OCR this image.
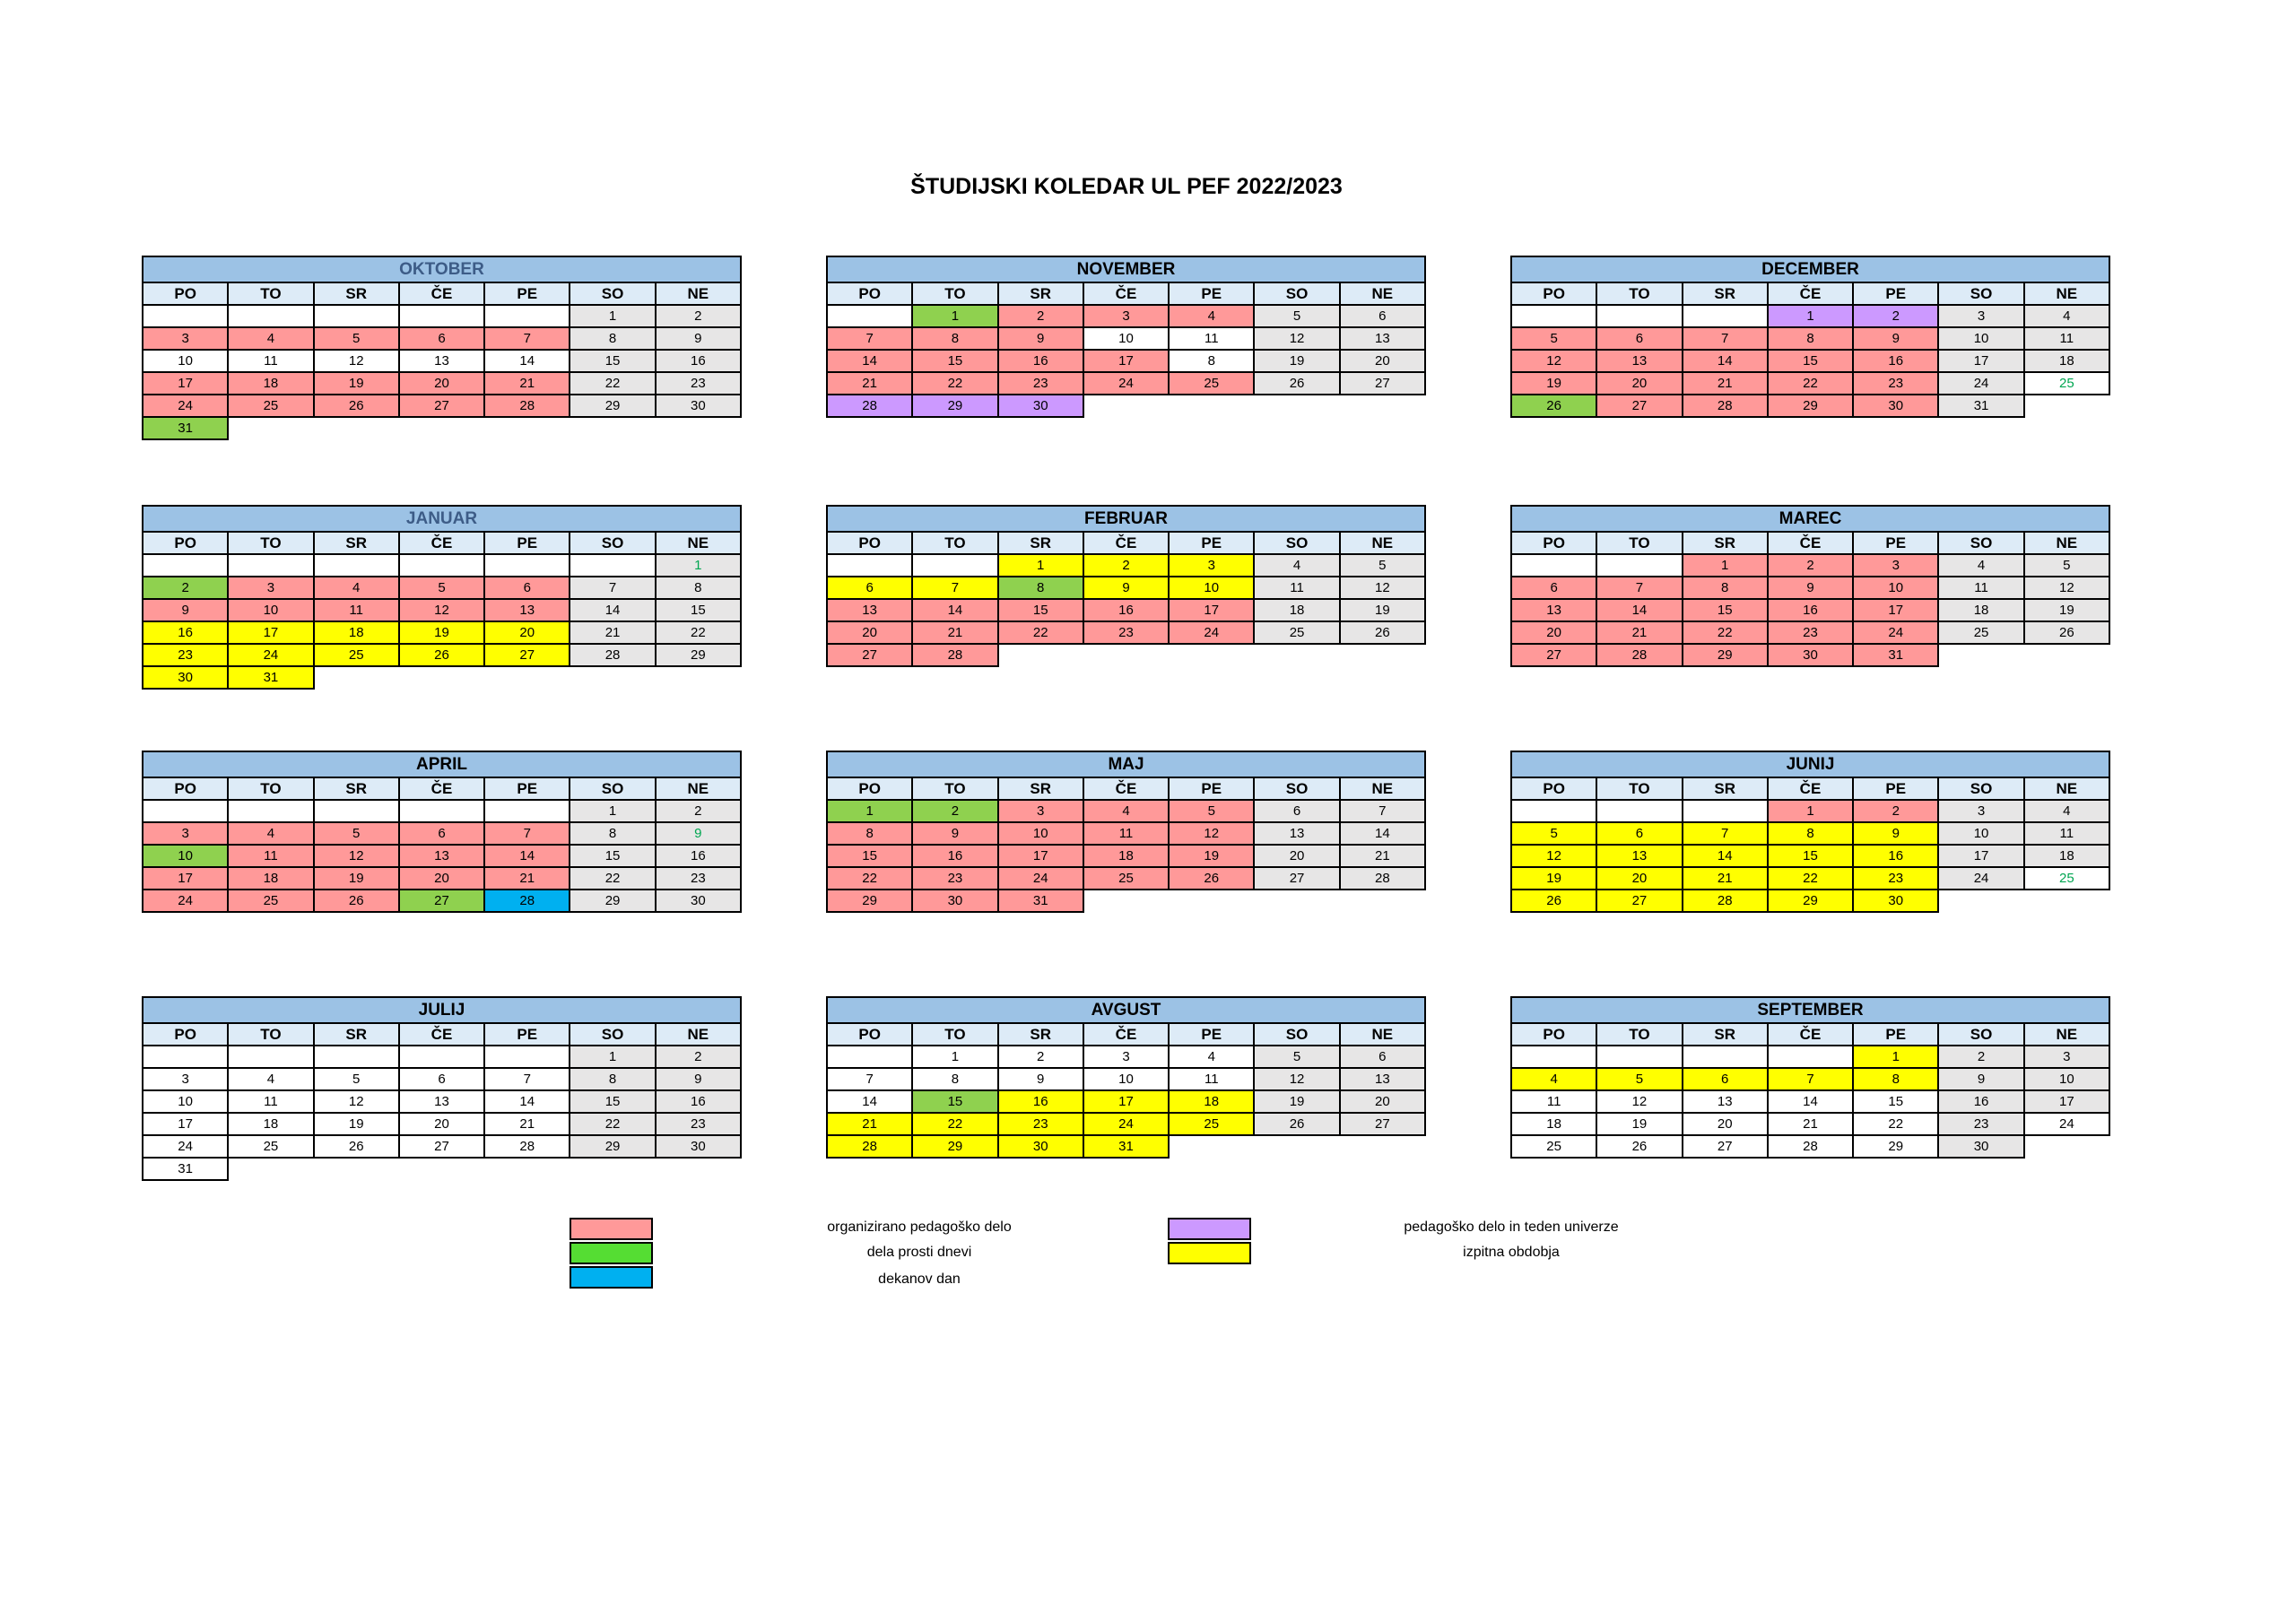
ŠTUDIJSKI KOLEDAR UL PEF 2022/2023
OKTOBER						
PO	TO	SR	ČE	PE	SO	NE
					1	2
3	4	5	6	7	8	9
10	11	12	13	14	15	16
17	18	19	20	21	22	23
24	25	26	27	28	29	30
31						
NOVEMBER						
PO	TO	SR	ČE	PE	SO	NE
	1	2	3	4	5	6
7	8	9	10	11	12	13
14	15	16	17	8	19	20
21	22	23	24	25	26	27
28	29	30				
DECEMBER						
PO	TO	SR	ČE	PE	SO	NE
			1	2	3	4
5	6	7	8	9	10	11
12	13	14	15	16	17	18
19	20	21	22	23	24	25
26	27	28	29	30	31	
JANUAR						
PO	TO	SR	ČE	PE	SO	NE
						1
2	3	4	5	6	7	8
9	10	11	12	13	14	15
16	17	18	19	20	21	22
23	24	25	26	27	28	29
30	31					
FEBRUAR						
PO	TO	SR	ČE	PE	SO	NE
		1	2	3	4	5
6	7	8	9	10	11	12
13	14	15	16	17	18	19
20	21	22	23	24	25	26
27	28					
MAREC						
PO	TO	SR	ČE	PE	SO	NE
		1	2	3	4	5
6	7	8	9	10	11	12
13	14	15	16	17	18	19
20	21	22	23	24	25	26
27	28	29	30	31		
APRIL						
PO	TO	SR	ČE	PE	SO	NE
					1	2
3	4	5	6	7	8	9
10	11	12	13	14	15	16
17	18	19	20	21	22	23
24	25	26	27	28	29	30
MAJ						
PO	TO	SR	ČE	PE	SO	NE
1	2	3	4	5	6	7
8	9	10	11	12	13	14
15	16	17	18	19	20	21
22	23	24	25	26	27	28
29	30	31				
JUNIJ						
PO	TO	SR	ČE	PE	SO	NE
			1	2	3	4
5	6	7	8	9	10	11
12	13	14	15	16	17	18
19	20	21	22	23	24	25
26	27	28	29	30		
JULIJ						
PO	TO	SR	ČE	PE	SO	NE
					1	2
3	4	5	6	7	8	9
10	11	12	13	14	15	16
17	18	19	20	21	22	23
24	25	26	27	28	29	30
31						
AVGUST						
PO	TO	SR	ČE	PE	SO	NE
	1	2	3	4	5	6
7	8	9	10	11	12	13
14	15	16	17	18	19	20
21	22	23	24	25	26	27
28	29	30	31			
SEPTEMBER						
PO	TO	SR	ČE	PE	SO	NE
				1	2	3
4	5	6	7	8	9	10
11	12	13	14	15	16	17
18	19	20	21	22	23	24
25	26	27	28	29	30	
organizirano pedagoško delo
dela prosti dnevi
dekanov dan
pedagoško delo in teden univerze
izpitna obdobja
